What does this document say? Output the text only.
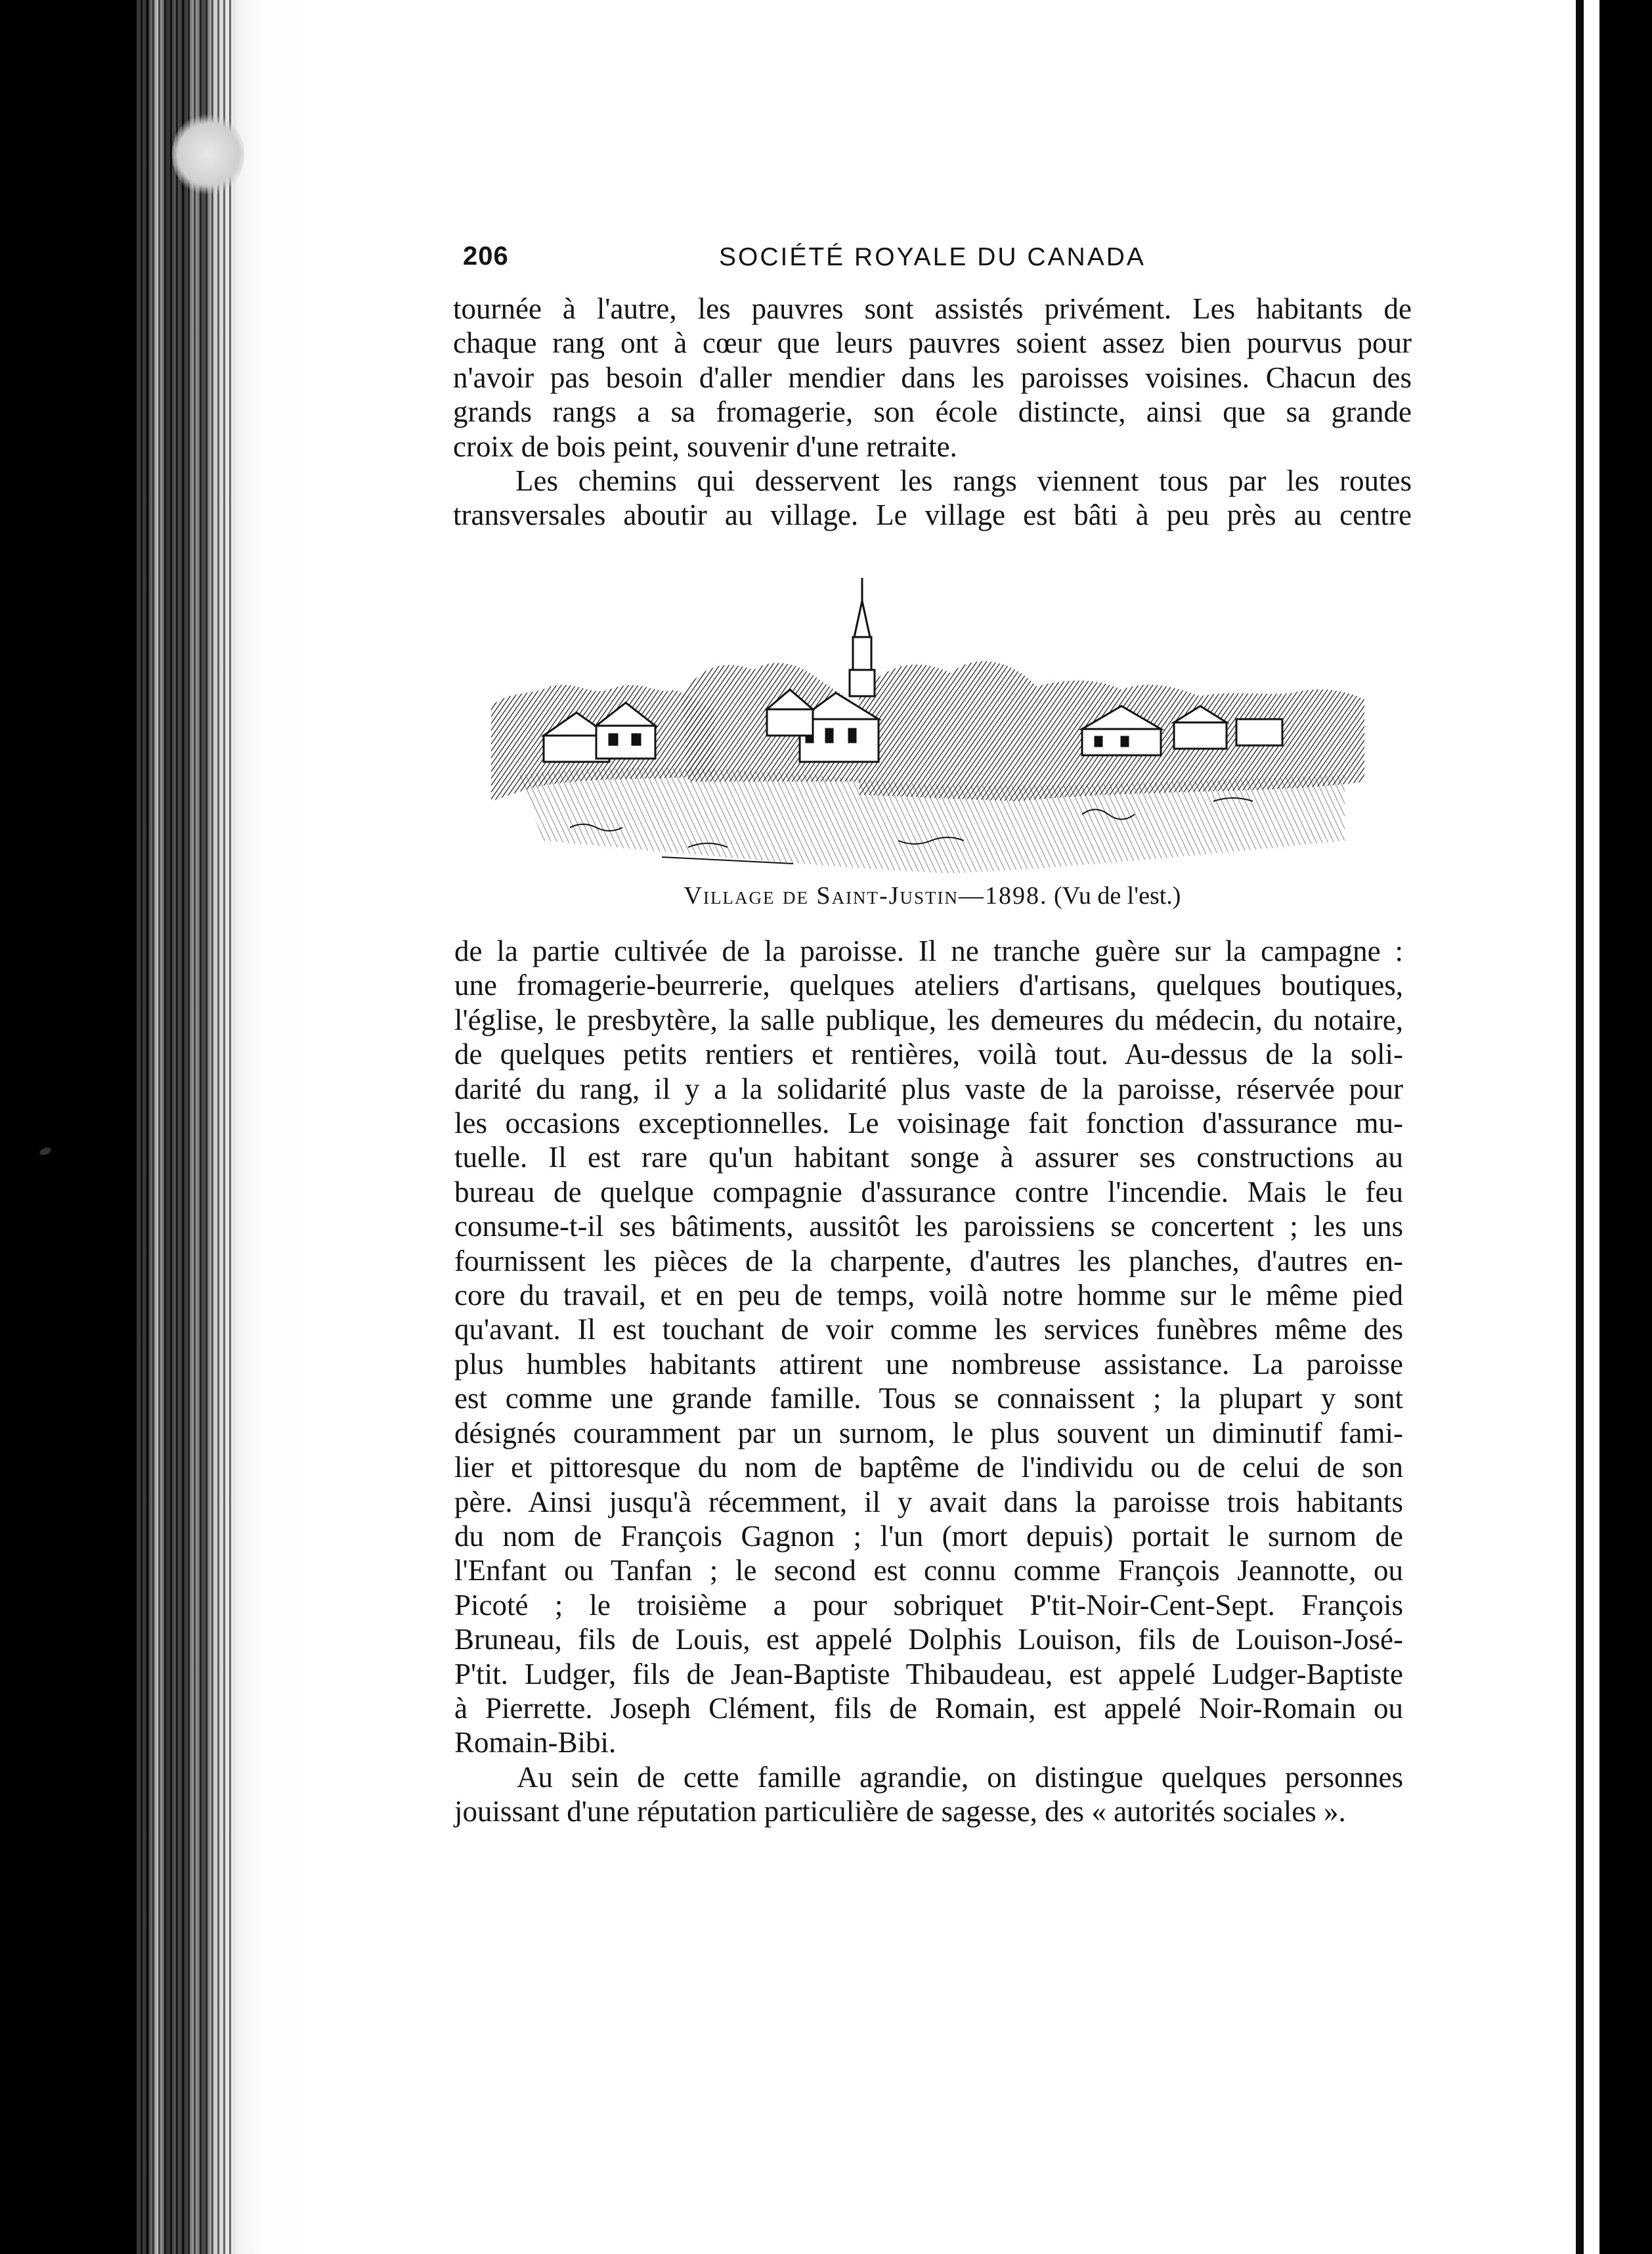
206	SOCIÉTÉ ROYALE DU CANADA

tournée à l'autre, les pauvres sont assistés privément. Les habitants de
chaque rang ont à cœur que leurs pauvres soient assez bien pourvus pour
n'avoir pas besoin d'aller mendier dans les paroisses voisines. Chacun des
grands rangs a sa fromagerie, son école distincte, ainsi que sa grande
croix de bois peint, souvenir d'une retraite.

Les chemins qui desservent les rangs viennent tous par les routes
transversales aboutir au village. Le village est bâti à peu près au centre

Village de Saint-Justin—1898. (Vu de l'est.)

de la partie cultivée de la paroisse. Il ne tranche guère sur la campagne :
une fromagerie-beurrerie, quelques ateliers d'artisans, quelques boutiques,
l'église, le presbytère, la salle publique, les demeures du médecin, du notaire,
de quelques petits rentiers et rentières, voilà tout. Au-dessus de la soli-
darité du rang, il y a la solidarité plus vaste de la paroisse, réservée pour
les occasions exceptionnelles. Le voisinage fait fonction d'assurance mu-
tuelle. Il est rare qu'un habitant songe à assurer ses constructions au
bureau de quelque compagnie d'assurance contre l'incendie. Mais le feu
consume-t-il ses bâtiments, aussitôt les paroissiens se concertent ; les uns
fournissent les pièces de la charpente, d'autres les planches, d'autres en-
core du travail, et en peu de temps, voilà notre homme sur le même pied
qu'avant. Il est touchant de voir comme les services funèbres même des
plus humbles habitants attirent une nombreuse assistance. La paroisse
est comme une grande famille. Tous se connaissent ; la plupart y sont
désignés couramment par un surnom, le plus souvent un diminutif fami-
lier et pittoresque du nom de baptême de l'individu ou de celui de son
père. Ainsi jusqu'à récemment, il y avait dans la paroisse trois habitants
du nom de François Gagnon ; l'un (mort depuis) portait le surnom de
l'Enfant ou Tanfan ; le second est connu comme François Jeannotte, ou
Picoté ; le troisième a pour sobriquet P'tit-Noir-Cent-Sept. François
Bruneau, fils de Louis, est appelé Dolphis Louison, fils de Louison-José-
P'tit. Ludger, fils de Jean-Baptiste Thibaudeau, est appelé Ludger-Baptiste
à Pierrette. Joseph Clément, fils de Romain, est appelé Noir-Romain ou
Romain-Bibi.

Au sein de cette famille agrandie, on distingue quelques personnes
jouissant d'une réputation particulière de sagesse, des « autorités sociales ».
